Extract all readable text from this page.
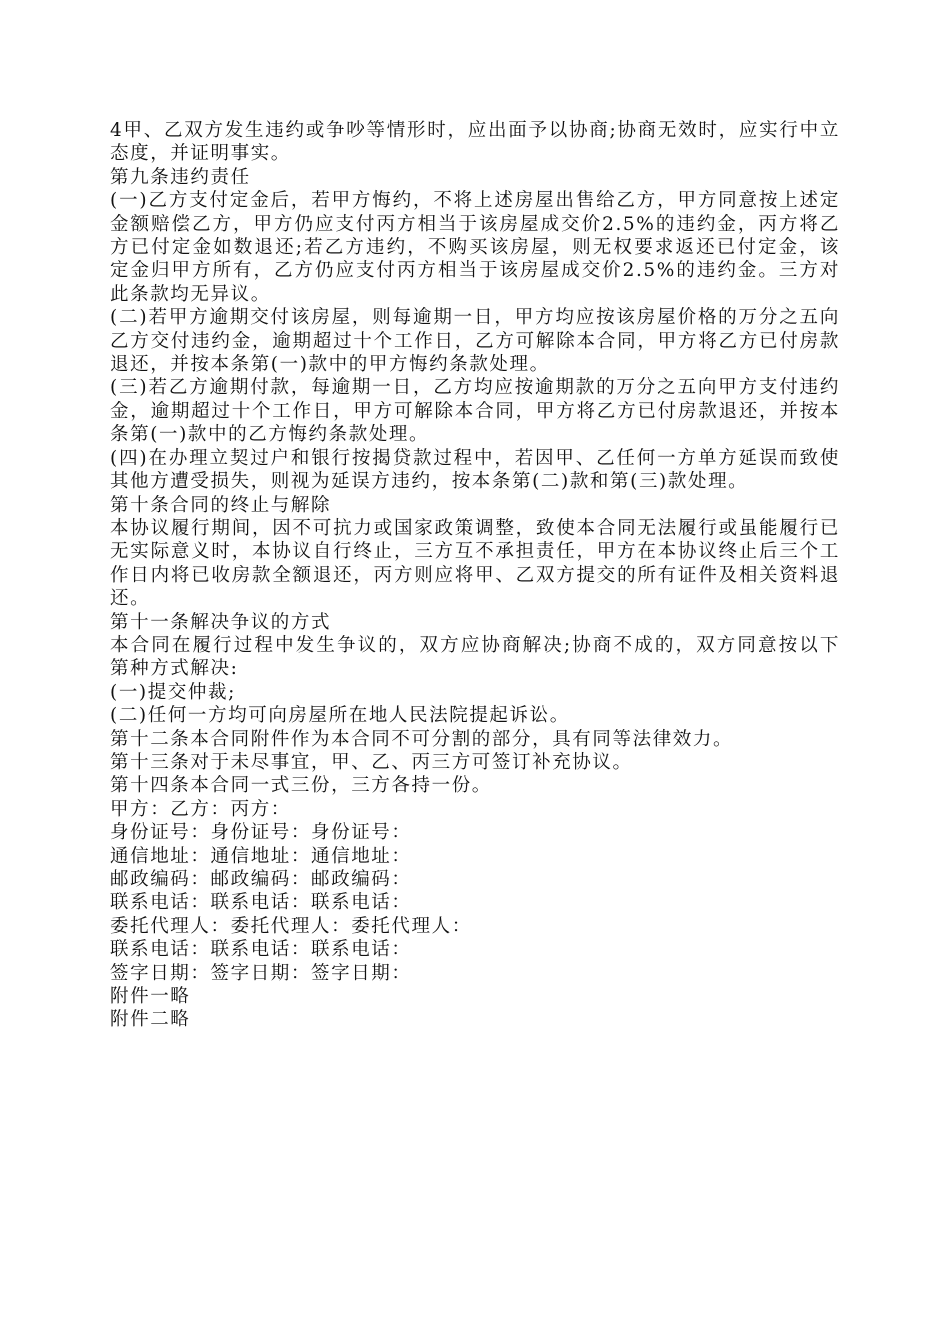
4甲、乙双方发生违约或争吵等情形时，应出面予以协商;协商无效时，应实行中立态度，并证明事实。

第九条违约责任

(一)乙方支付定金后，若甲方悔约，不将上述房屋出售给乙方，甲方同意按上述定金额赔偿乙方，甲方仍应支付丙方相当于该房屋成交价2.5%的违约金，丙方将乙方已付定金如数退还;若乙方违约，不购买该房屋，则无权要求返还已付定金，该定金归甲方所有，乙方仍应支付丙方相当于该房屋成交价2.5%的违约金。三方对此条款均无异议。

(二)若甲方逾期交付该房屋，则每逾期一日，甲方均应按该房屋价格的万分之五向乙方交付违约金，逾期超过十个工作日，乙方可解除本合同，甲方将乙方已付房款退还，并按本条第(一)款中的甲方悔约条款处理。

(三)若乙方逾期付款，每逾期一日，乙方均应按逾期款的万分之五向甲方支付违约金，逾期超过十个工作日，甲方可解除本合同，甲方将乙方已付房款退还，并按本条第(一)款中的乙方悔约条款处理。

(四)在办理立契过户和银行按揭贷款过程中，若因甲、乙任何一方单方延误而致使其他方遭受损失，则视为延误方违约，按本条第(二)款和第(三)款处理。

第十条合同的终止与解除

本协议履行期间，因不可抗力或国家政策调整，致使本合同无法履行或虽能履行已无实际意义时，本协议自行终止，三方互不承担责任，甲方在本协议终止后三个工作日内将已收房款全额退还，丙方则应将甲、乙双方提交的所有证件及相关资料退还。

第十一条解决争议的方式

本合同在履行过程中发生争议的，双方应协商解决;协商不成的，双方同意按以下第种方式解决:

(一)提交仲裁;

(二)任何一方均可向房屋所在地人民法院提起诉讼。

第十二条本合同附件作为本合同不可分割的部分，具有同等法律效力。

第十三条对于未尽事宜，甲、乙、丙三方可签订补充协议。

第十四条本合同一式三份，三方各持一份。

甲方：乙方：丙方：

身份证号：身份证号：身份证号：

通信地址：通信地址：通信地址：

邮政编码：邮政编码：邮政编码：

联系电话：联系电话：联系电话：

委托代理人：委托代理人：委托代理人：

联系电话：联系电话：联系电话：

签字日期：签字日期：签字日期：

附件一略

附件二略
